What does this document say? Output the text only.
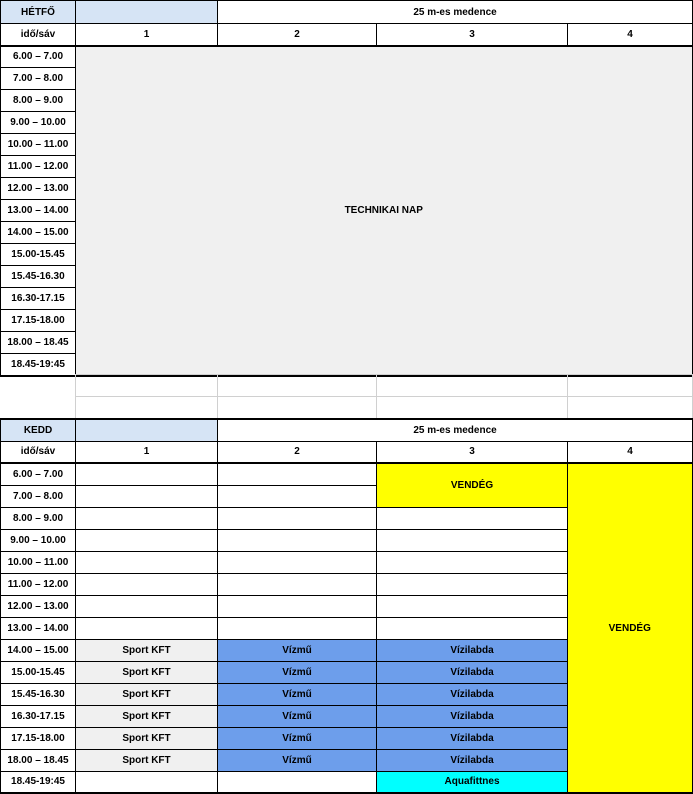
HÉTFŐ		25 m-es medence		
idő/sáv	1	2	3	4
6.00 – 7.00	TECHNIKAI NAP			
7.00 – 8.00				
8.00 – 9.00				
9.00 – 10.00				
10.00 – 11.00				
11.00 – 12.00				
12.00 – 13.00				
13.00 – 14.00				
14.00 – 15.00				
15.00-15.45				
15.45-16.30				
16.30-17.15				
17.15-18.00				
18.00 – 18.45				
18.45-19:45				

KEDD		25 m-es medence		
idő/sáv	1	2	3	4
6.00 – 7.00			VENDÉG	VENDÉG
7.00 – 8.00				
8.00 – 9.00				
9.00 – 10.00				
10.00 – 11.00				
11.00 – 12.00				
12.00 – 13.00				
13.00 – 14.00				
14.00 – 15.00	Sport KFT	Vízmű	Vízilabda	
15.00-15.45	Sport KFT	Vízmű	Vízilabda	
15.45-16.30	Sport KFT	Vízmű	Vízilabda	
16.30-17.15	Sport KFT	Vízmű	Vízilabda	
17.15-18.00	Sport KFT	Vízmű	Vízilabda	
18.00 – 18.45	Sport KFT	Vízmű	Vízilabda	
18.45-19:45			Aquafittnes	
